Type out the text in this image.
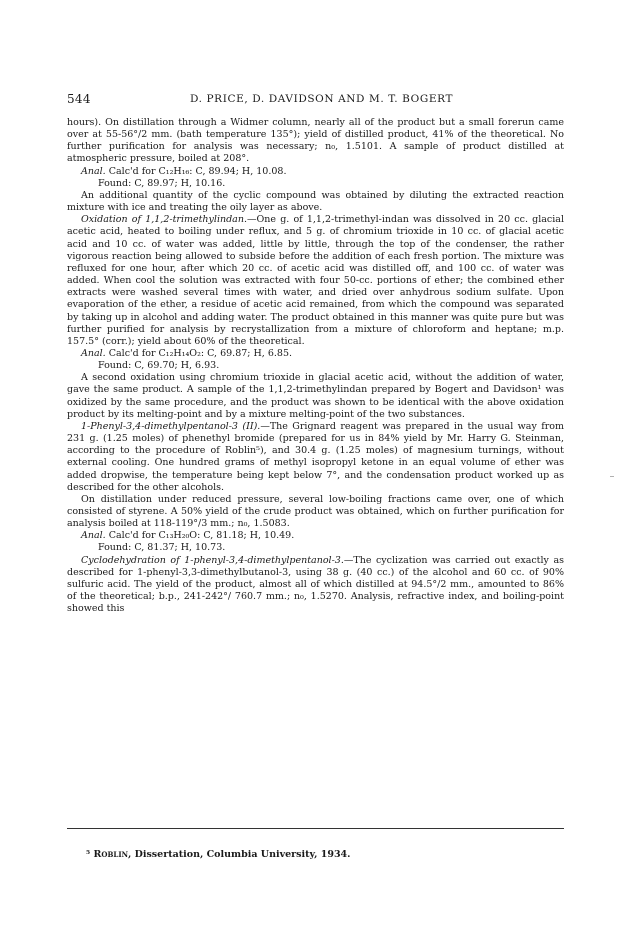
544	D. PRICE, D. DAVIDSON AND M. T. BOGERT

hours). On distillation through a Widmer column, nearly all of the product but a small forerun came over at 55-56°/2 mm. (bath temperature 135°); yield of distilled product, 41% of the theoretical. No further purification for analysis was necessary; n₀, 1.5101. A sample of product distilled at atmospheric pressure, boiled at 208°.

Anal. Calc'd for C₁₂H₁₆: C, 89.94; H, 10.08.

Found: C, 89.97; H, 10.16.

An additional quantity of the cyclic compound was obtained by diluting the extracted reaction mixture with ice and treating the oily layer as above.

Oxidation of 1,1,2-trimethylindan.—One g. of 1,1,2-trimethyl-indan was dissolved in 20 cc. glacial acetic acid, heated to boiling under reflux, and 5 g. of chromium trioxide in 10 cc. of glacial acetic acid and 10 cc. of water was added, little by little, through the top of the condenser, the rather vigorous reaction being allowed to subside before the addition of each fresh portion. The mixture was refluxed for one hour, after which 20 cc. of acetic acid was distilled off, and 100 cc. of water was added. When cool the solution was extracted with four 50-cc. portions of ether; the combined ether extracts were washed several times with water, and dried over anhydrous sodium sulfate. Upon evaporation of the ether, a residue of acetic acid remained, from which the compound was separated by taking up in alcohol and adding water. The product obtained in this manner was quite pure but was further purified for analysis by recrystallization from a mixture of chloroform and heptane; m.p. 157.5° (corr.); yield about 60% of the theoretical.

Anal. Calc'd for C₁₂H₁₄O₂: C, 69.87; H, 6.85.

Found: C, 69.70; H, 6.93.

A second oxidation using chromium trioxide in glacial acetic acid, without the addition of water, gave the same product. A sample of the 1,1,2-trimethylindan prepared by Bogert and Davidson¹ was oxidized by the same procedure, and the product was shown to be identical with the above oxidation product by its melting-point and by a mixture melting-point of the two substances.

1-Phenyl-3,4-dimethylpentanol-3 (II).—The Grignard reagent was prepared in the usual way from 231 g. (1.25 moles) of phenethyl bromide (prepared for us in 84% yield by Mr. Harry G. Steinman, according to the procedure of Roblin⁵), and 30.4 g. (1.25 moles) of magnesium turnings, without external cooling. One hundred grams of methyl isopropyl ketone in an equal volume of ether was added dropwise, the temperature being kept below 7°, and the condensation product worked up as described for the other alcohols.

On distillation under reduced pressure, several low-boiling fractions came over, one of which consisted of styrene. A 50% yield of the crude product was obtained, which on further purification for analysis boiled at 118-119°/3 mm.; n₀, 1.5083.

Anal. Calc'd for C₁₃H₂₀O: C, 81.18; H, 10.49.

Found: C, 81.37; H, 10.73.

Cyclodehydration of 1-phenyl-3,4-dimethylpentanol-3.—The cyclization was carried out exactly as described for 1-phenyl-3,3-dimethylbutanol-3, using 38 g. (40 cc.) of the alcohol and 60 cc. of 90% sulfuric acid. The yield of the product, almost all of which distilled at 94.5°/2 mm., amounted to 86% of the theoretical; b.p., 241-242°/ 760.7 mm.; n₀, 1.5270. Analysis, refractive index, and boiling-point showed this

⁵ Roblin, Dissertation, Columbia University, 1934.
